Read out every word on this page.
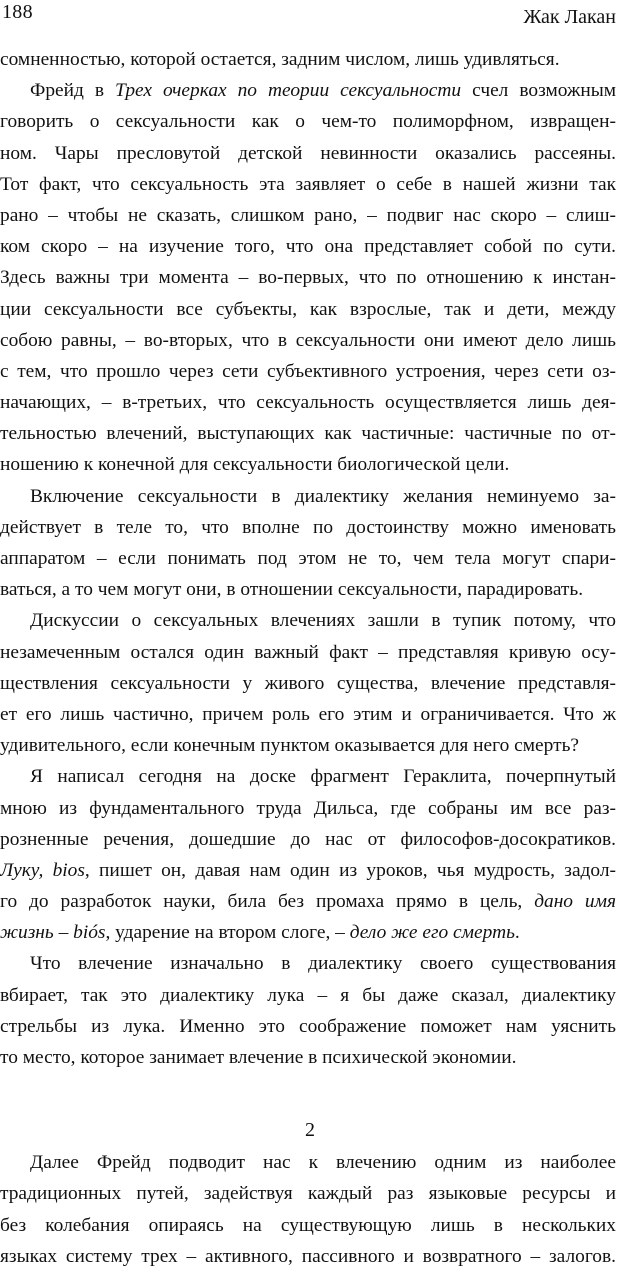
188	Жак Лакан
сомненностью, которой остается, задним числом, лишь удивляться.
Фрейд в Трех очерках по теории сексуальности счел возможным
говорить о сексуальности как о чем-то полиморфном, извращен-
ном. Чары пресловутой детской невинности оказались рассеяны.
Тот факт, что сексуальность эта заявляет о себе в нашей жизни так
рано – чтобы не сказать, слишком рано, – подвиг нас скоро – слиш-
ком скоро – на изучение того, что она представляет собой по сути.
Здесь важны три момента – во-первых, что по отношению к инстан-
ции сексуальности все субъекты, как взрослые, так и дети, между
собою равны, – во-вторых, что в сексуальности они имеют дело лишь
с тем, что прошло через сети субъективного устроения, через сети оз-
начающих, – в-третьих, что сексуальность осуществляется лишь дея-
тельностью влечений, выступающих как частичные: частичные по от-
ношению к конечной для сексуальности биологической цели.
Включение сексуальности в диалектику желания неминуемо за-
действует в теле то, что вполне по достоинству можно именовать
аппаратом – если понимать под этом не то, чем тела могут спари-
ваться, а то чем могут они, в отношении сексуальности, парадировать.
Дискуссии о сексуальных влечениях зашли в тупик потому, что
незамеченным остался один важный факт – представляя кривую осу-
ществления сексуальности у живого существа, влечение представля-
ет его лишь частично, причем роль его этим и ограничивается. Что ж
удивительного, если конечным пунктом оказывается для него смерть?
Я написал сегодня на доске фрагмент Гераклита, почерпнутый
мною из фундаментального труда Дильса, где собраны им все раз-
розненные речения, дошедшие до нас от философов-досократиков.
Луку, bios, пишет он, давая нам один из уроков, чья мудрость, задол-
го до разработок науки, била без промаха прямо в цель, дано имя
жизнь – biós, ударение на втором слоге, – дело же его смерть.
Что влечение изначально в диалектику своего существования
вбирает, так это диалектику лука – я бы даже сказал, диалектику
стрельбы из лука. Именно это соображение поможет нам уяснить
то место, которое занимает влечение в психической экономии.
2
Далее Фрейд подводит нас к влечению одним из наиболее
традиционных путей, задействуя каждый раз языковые ресурсы и
без колебания опираясь на существующую лишь в нескольких
языках систему трех – активного, пассивного и возвратного – залогов.
